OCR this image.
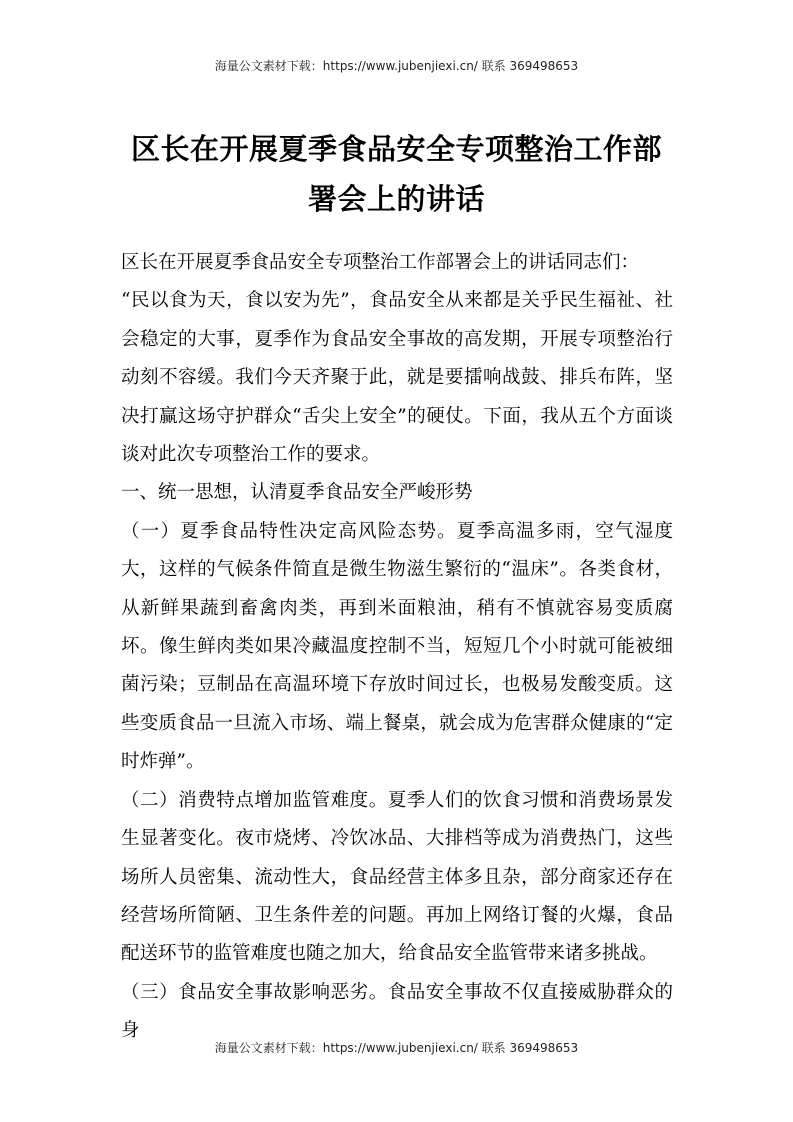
海量公文素材下载：https://www.jubenjiexi.cn/ 联系 369498653
区长在开展夏季食品安全专项整治工作部
署会上的讲话

区长在开展夏季食品安全专项整治工作部署会上的讲话同志们：

“民以食为天，食以安为先”，食品安全从来都是关乎民生福祉、社会稳定的大事，夏季作为食品安全事故的高发期，开展专项整治行动刻不容缓。我们今天齐聚于此，就是要擂响战鼓、排兵布阵，坚决打赢这场守护群众“舌尖上安全”的硬仗。下面，我从五个方面谈谈对此次专项整治工作的要求。

一、统一思想，认清夏季食品安全严峻形势

（一）夏季食品特性决定高风险态势。夏季高温多雨，空气湿度大，这样的气候条件简直是微生物滋生繁衍的“温床”。各类食材，从新鲜果蔬到畜禽肉类，再到米面粮油，稍有不慎就容易变质腐坏。像生鲜肉类如果冷藏温度控制不当，短短几个小时就可能被细菌污染；豆制品在高温环境下存放时间过长，也极易发酸变质。这些变质食品一旦流入市场、端上餐桌，就会成为危害群众健康的“定时炸弹”。

（二）消费特点增加监管难度。夏季人们的饮食习惯和消费场景发生显著变化。夜市烧烤、冷饮冰品、大排档等成为消费热门，这些场所人员密集、流动性大，食品经营主体多且杂，部分商家还存在经营场所简陋、卫生条件差的问题。再加上网络订餐的火爆，食品配送环节的监管难度也随之加大，给食品安全监管带来诸多挑战。

（三）食品安全事故影响恶劣。食品安全事故不仅直接威胁群众的身

海量公文素材下载：https://www.jubenjiexi.cn/ 联系 369498653
